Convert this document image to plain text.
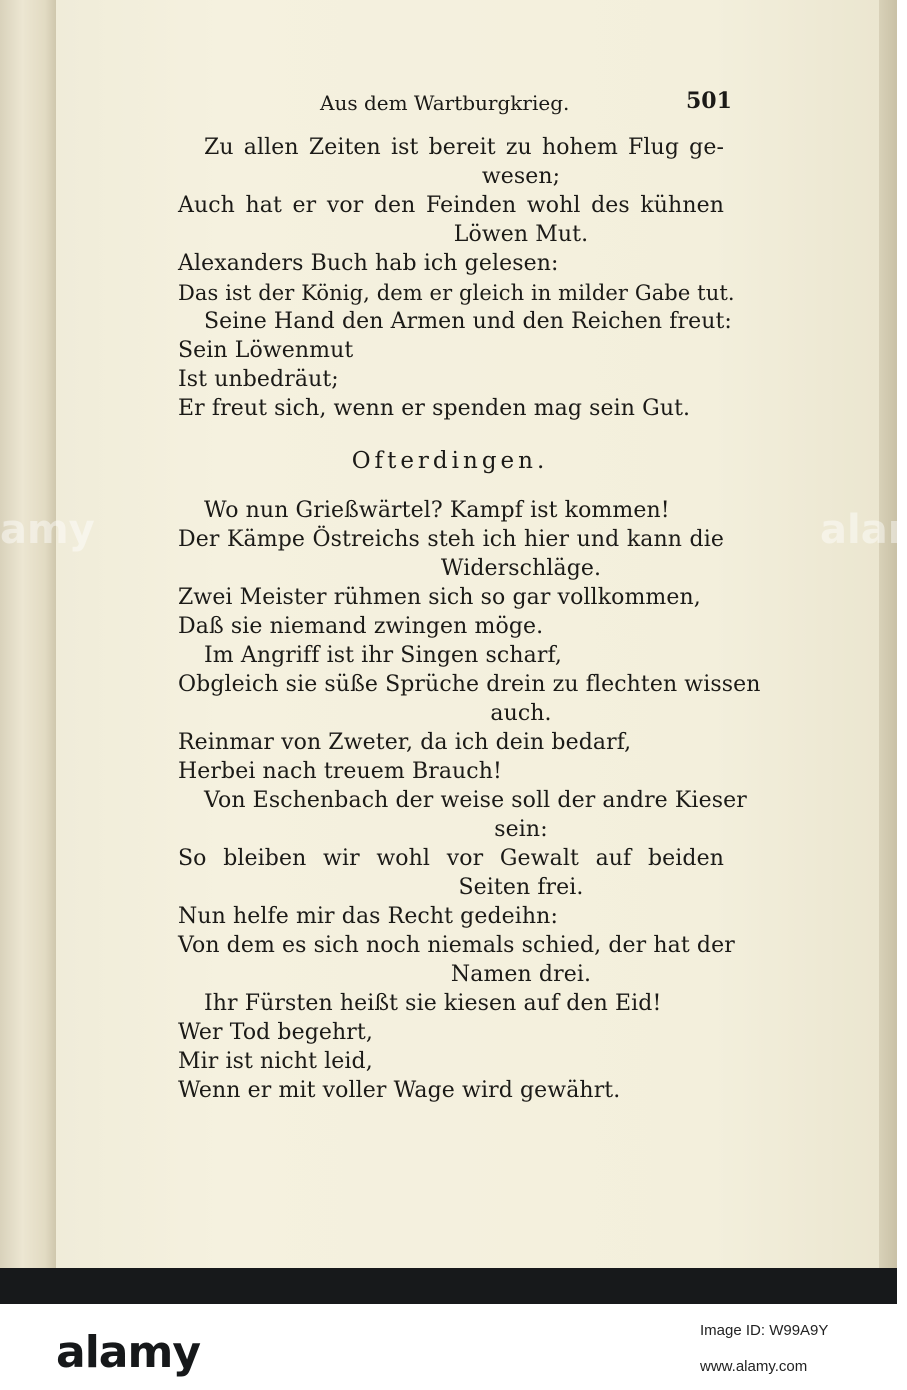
Aus dem Wartburgkrieg.	501

Zu allen Zeiten ist bereit zu hohem Flug ge-

wesen;

Auch hat er vor den Feinden wohl des kühnen

Löwen Mut.

Alexanders Buch hab ich gelesen:

Das ist der König, dem er gleich in milder Gabe tut.

Seine Hand den Armen und den Reichen freut:

Sein Löwenmut

Ist unbedräut;

Er freut sich, wenn er spenden mag sein Gut.

Ofterdingen.

Wo nun Grießwärtel? Kampf ist kommen!

Der Kämpe Östreichs steh ich hier und kann die

Widerschläge.

Zwei Meister rühmen sich so gar vollkommen,

Daß sie niemand zwingen möge.

Im Angriff ist ihr Singen scharf,

Obgleich sie süße Sprüche drein zu flechten wissen

auch.

Reinmar von Zweter, da ich dein bedarf,

Herbei nach treuem Brauch!

Von Eschenbach der weise soll der andre Kieser

sein:

So bleiben wir wohl vor Gewalt auf beiden

Seiten frei.

Nun helfe mir das Recht gedeihn:

Von dem es sich noch niemals schied, der hat der

Namen drei.

Ihr Fürsten heißt sie kiesen auf den Eid!

Wer Tod begehrt,

Mir ist nicht leid,

Wenn er mit voller Wage wird gewährt.

amy	alar
alamy	Image ID: W99A9Y
www.alamy.com
